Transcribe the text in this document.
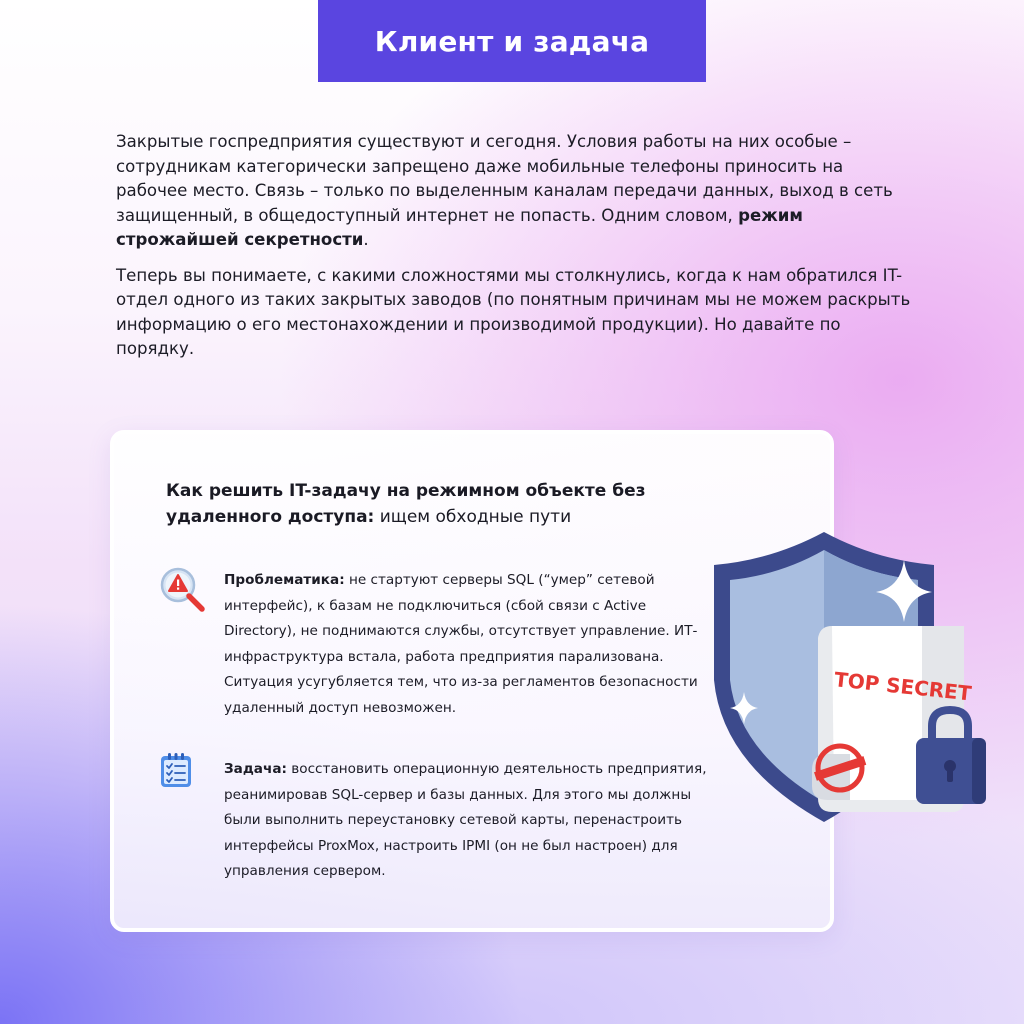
Клиент и задача

Закрытые госпредприятия существуют и сегодня. Условия работы на них особые – сотрудникам категорически запрещено даже мобильные телефоны приносить на рабочее место. Связь – только по выделенным каналам передачи данных, выход в сеть защищенный, в общедоступный интернет не попасть. Одним словом, режим строжайшей секретности.

Теперь вы понимаете, с какими сложностями мы столкнулись, когда к нам обратился IT-отдел одного из таких закрытых заводов (по понятным причинам мы не можем раскрыть информацию о его местонахождении и производимой продукции). Но давайте по порядку.

Как решить IT-задачу на режимном объекте без удаленного доступа: ищем обходные пути
Проблематика: не стартуют серверы SQL (“умер” сетевой интерфейс), к базам не подключиться (сбой связи с Active Directory), не поднимаются службы, отсутствует управление. ИТ-инфраструктура встала, работа предприятия парализована. Ситуация усугубляется тем, что из-за регламентов безопасности удаленный доступ невозможен.
Задача: восстановить операционную деятельность предприятия, реанимировав SQL-сервер и базы данных. Для этого мы должны были выполнить переустановку сетевой карты, перенастроить интерфейсы ProxMox, настроить IPMI (он не был настроен) для управления сервером.
TOP SECRET
